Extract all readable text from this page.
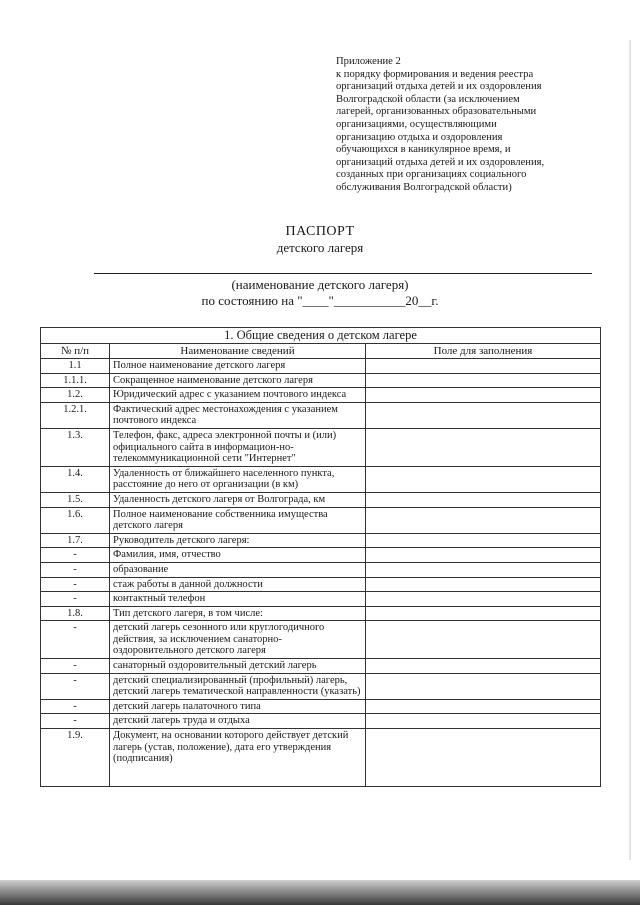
Приложение 2
к порядку формирования и ведения реестра
организаций отдыха детей и их оздоровления
Волгоградской области (за исключением
лагерей, организованных образовательными
организациями, осуществляющими
организацию отдыха и оздоровления
обучающихся в каникулярное время, и
организаций отдыха детей и их оздоровления,
созданных при организациях социального
обслуживания Волгоградской области)
ПАСПОРТ
детского лагеря
(наименование детского лагеря)
по состоянию на "____"___________20__г.
1. Общие сведения о детском лагере		
№ п/п	Наименование сведений	Поле для заполнения
1.1	Полное наименование детского лагеря	
1.1.1.	Сокращенное наименование детского лагеря	
1.2.	Юридический адрес с указанием почтового индекса	
1.2.1.	Фактический адрес местонахождения с указанием почтового индекса	
1.3.	Телефон, факс, адреса электронной почты и (или) официального сайта в информацион-но-телекоммуникационной сети "Интернет"	
1.4.	Удаленность от ближайшего населенного пункта, расстояние до него от организации (в км)	
1.5.	Удаленность детского лагеря от Волгограда, км	
1.6.	Полное наименование собственника имущества детского лагеря	
1.7.	Руководитель детского лагеря:	
-	Фамилия, имя, отчество	
-	образование	
-	стаж работы в данной должности	
-	контактный телефон	
1.8.	Тип детского лагеря, в том числе:	
-	детский лагерь сезонного или круглогодичного действия, за исключением санаторно-оздоровительного детского лагеря	
-	санаторный оздоровительный детский лагерь	
-	детский специализированный (профильный) лагерь, детский лагерь тематической направленности (указать)	
-	детский лагерь палаточного типа	
-	детский лагерь труда и отдыха	
1.9.	Документ, на основании которого действует детский лагерь (устав, положение), дата его утверждения (подписания)	
